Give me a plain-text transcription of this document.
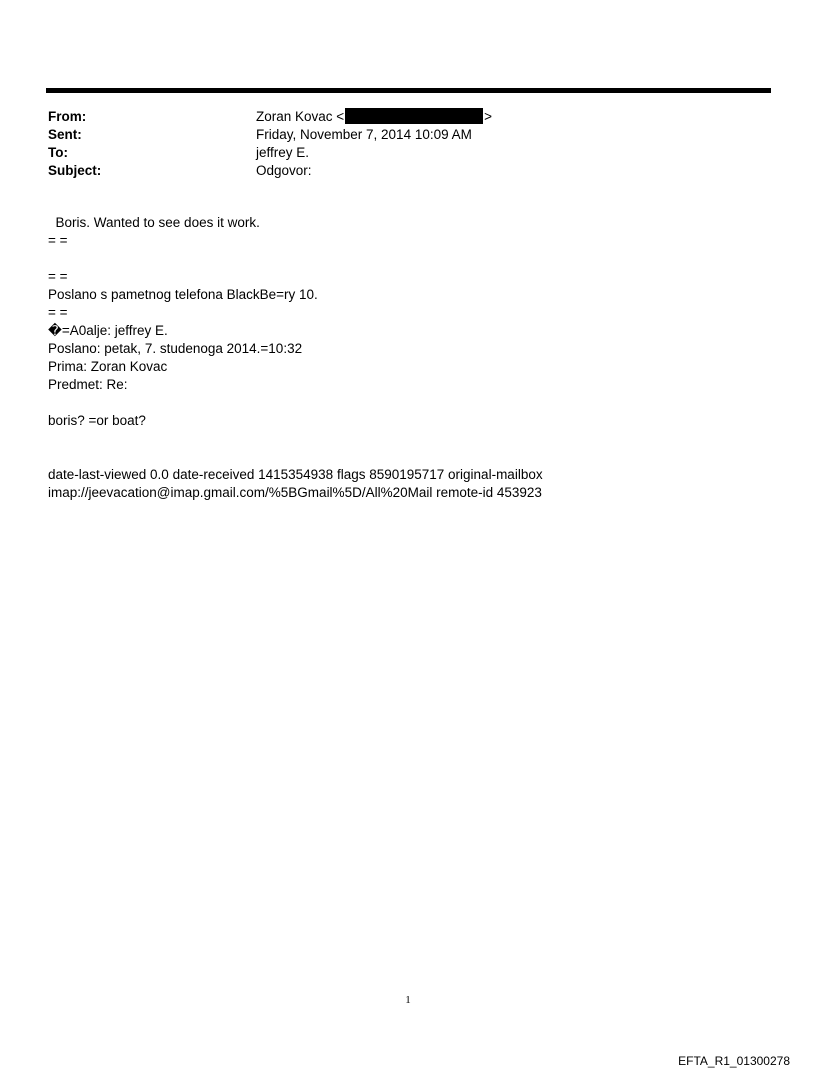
From:	Zoran Kovac <	>
Sent:	Friday, November 7, 2014 10:09 AM
To:	jeffrey E.
Subject:	Odgovor:
Boris. Wanted to see does it work.
= =
= =
Poslano s pametnog telefona BlackBe=ry 10.
= =
�=A0alje: jeffrey E.
Poslano: petak, 7. studenoga 2014.=10:32
Prima: Zoran Kovac
Predmet: Re:
boris? =or boat?
date-last-viewed 0.0 date-received 1415354938 flags 8590195717 original-mailbox
imap://jeevacation@imap.gmail.com/%5BGmail%5D/All%20Mail remote-id 453923
1
EFTA_R1_01300278
